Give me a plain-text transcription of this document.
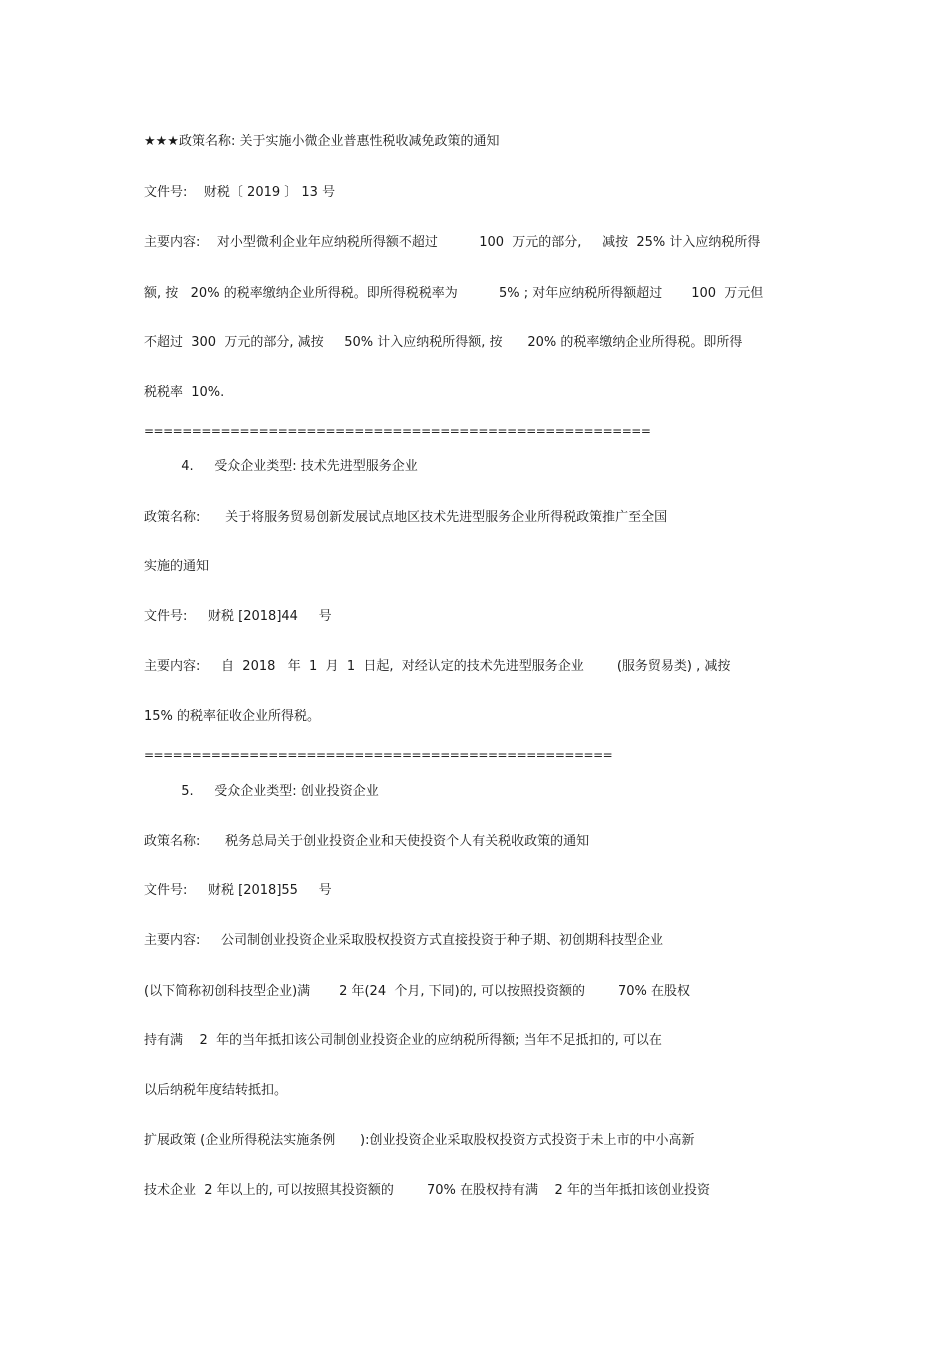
★★★政策名称: 关于实施小微企业普惠性税收减免政策的通知
文件号:    财税〔 2019 〕 13 号
主要内容:    对小型微利企业年应纳税所得额不超过          100  万元的部分,     减按  25% 计入应纳税所得
额, 按   20% 的税率缴纳企业所得税。即所得税税率为          5% ; 对年应纳税所得额超过       100  万元但
不超过  300  万元的部分, 减按     50% 计入应纳税所得额, 按      20% 的税率缴纳企业所得税。即所得
税税率  10%.
=====================================================
4.     受众企业类型: 技术先进型服务企业
政策名称:      关于将服务贸易创新发展试点地区技术先进型服务企业所得税政策推广至全国
实施的通知
文件号:     财税 [2018]44     号
主要内容:     自  2018   年  1  月  1  日起,  对经认定的技术先进型服务企业        (服务贸易类) , 减按
15% 的税率征收企业所得税。
=================================================
5.     受众企业类型: 创业投资企业
政策名称:      税务总局关于创业投资企业和天使投资个人有关税收政策的通知
文件号:     财税 [2018]55     号
主要内容:     公司制创业投资企业采取股权投资方式直接投资于种子期、初创期科技型企业
(以下简称初创科技型企业)满       2 年(24  个月, 下同)的, 可以按照投资额的        70% 在股权
持有满    2  年的当年抵扣该公司制创业投资企业的应纳税所得额; 当年不足抵扣的, 可以在
以后纳税年度结转抵扣。
扩展政策 (企业所得税法实施条例      ):创业投资企业采取股权投资方式投资于未上市的中小高新
技术企业  2 年以上的, 可以按照其投资额的        70% 在股权持有满    2 年的当年抵扣该创业投资
